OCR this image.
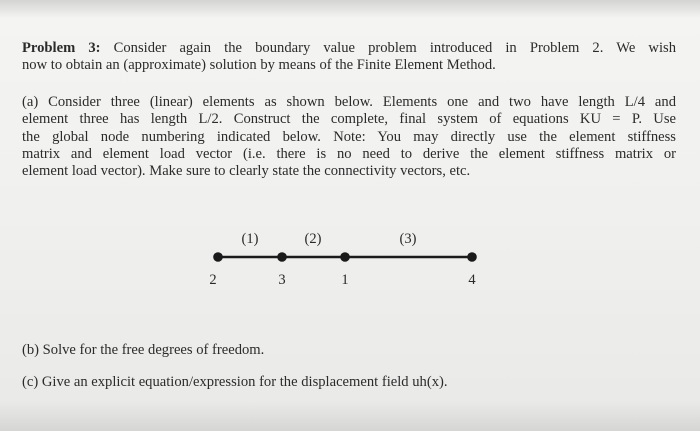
Problem 3: Consider again the boundary value problem introduced in Problem 2. We wish
now to obtain an (approximate) solution by means of the Finite Element Method.
(a) Consider three (linear) elements as shown below. Elements one and two have length L/4 and
element three has length L/2. Construct the complete, final system of equations KU = P. Use
the global node numbering indicated below. Note: You may directly use the element stiffness
matrix and element load vector (i.e. there is no need to derive the element stiffness matrix or
element load vector). Make sure to clearly state the connectivity vectors, etc.
(1)	(2)	(3)
2	3	1	4
(b) Solve for the free degrees of freedom.
(c) Give an explicit equation/expression for the displacement field uh(x).
